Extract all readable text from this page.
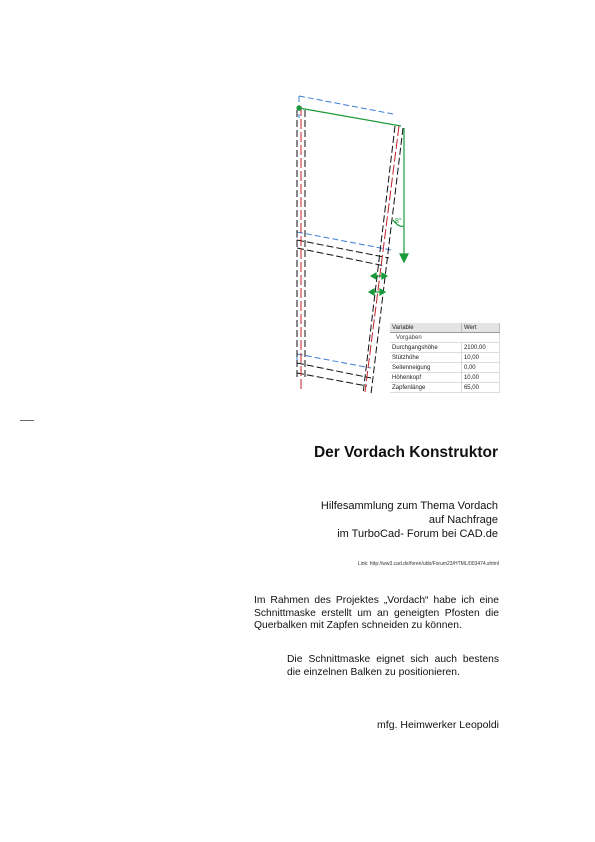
8°
Variable	Wert
Vorgaben	
Durchgangshöhe	2100,00
Stützhöhe	10,00
Seitenneigung	0,00
Höhenkopf	10,00
Zapfenlänge	65,00
Der Vordach Konstruktor
Hilfesammlung zum Thema Vordach
auf Nachfrage
im TurboCad- Forum bei CAD.de
Link: http://ww3.cad.de/foren/ubb/Forum23/HTML/003474.shtml
Im Rahmen des Projektes „Vordach“ habe ich eine Schnittmaske erstellt um an geneigten Pfosten die Querbalken mit Zapfen schneiden zu können.
Die Schnittmaske eignet sich auch bestens die einzelnen Balken zu positionieren.
mfg. Heimwerker Leopoldi
